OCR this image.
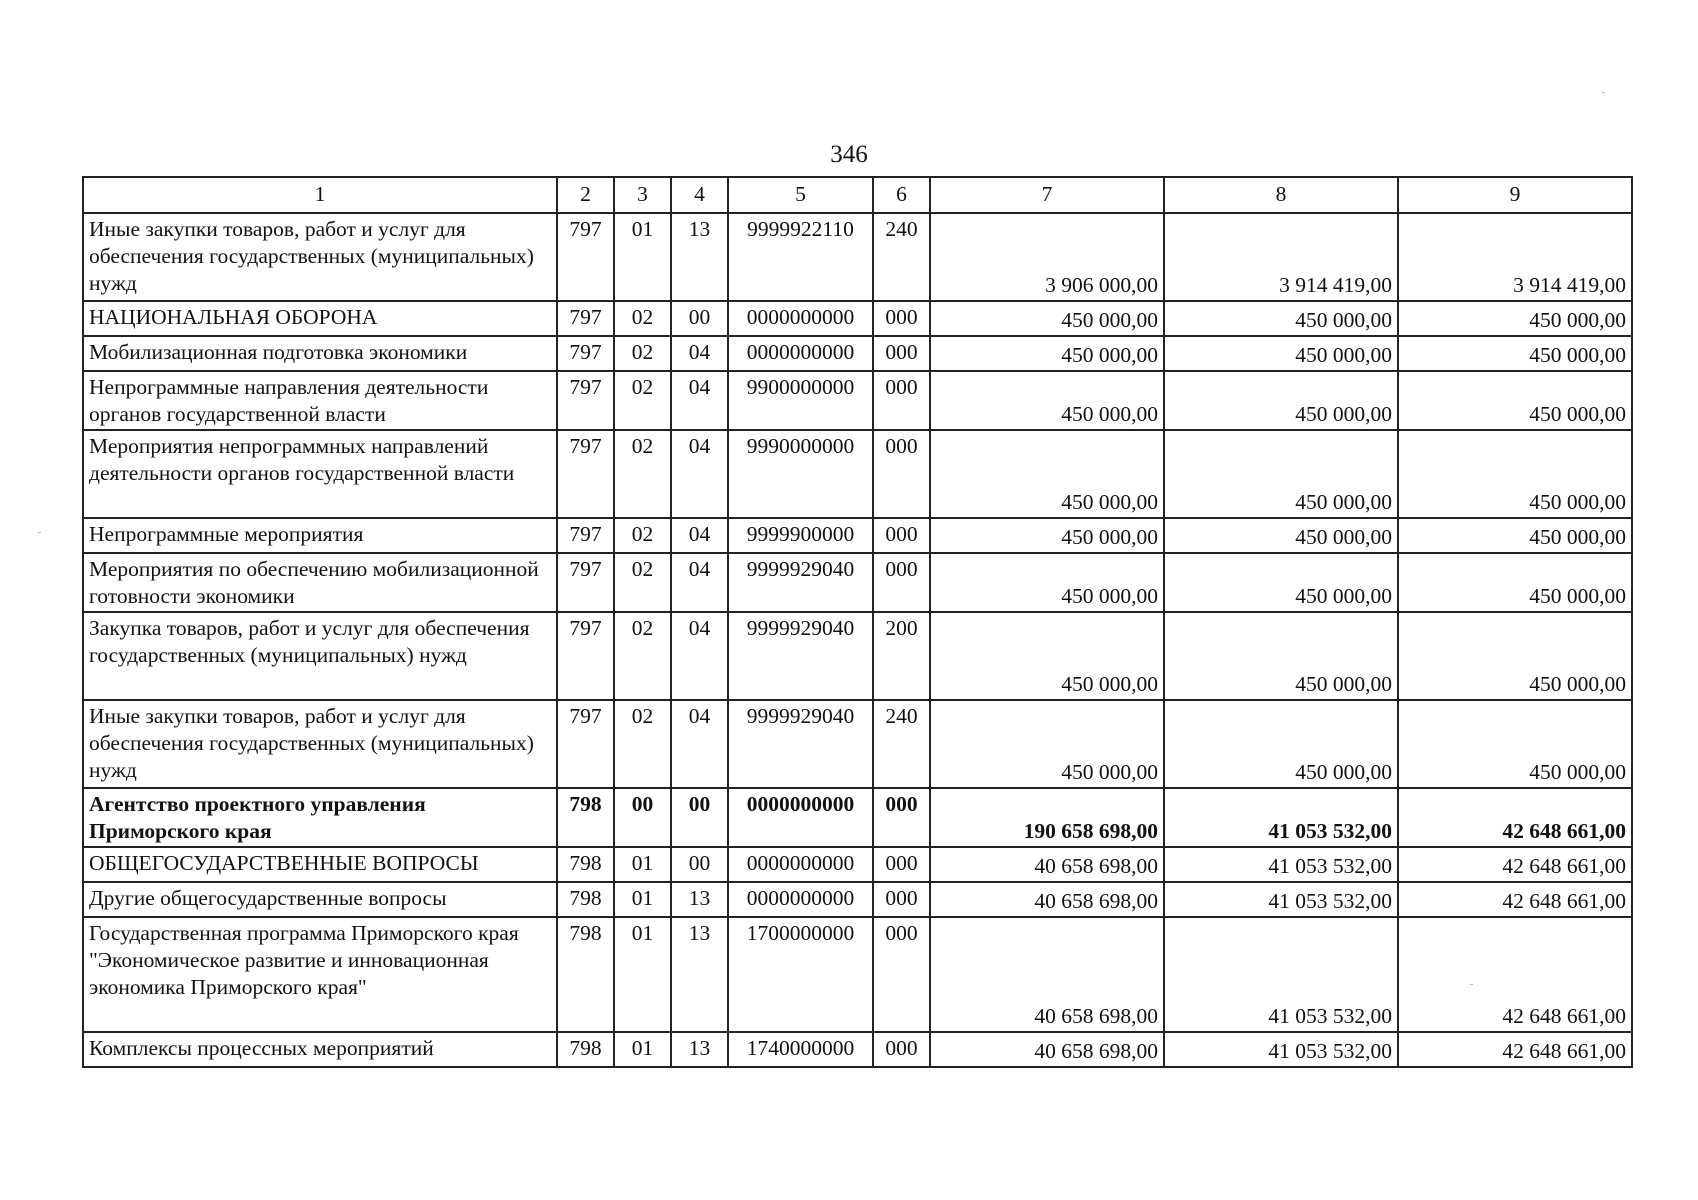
346
1	2	3	4	5	6	7	8	9
Иные закупки товаров, работ и услуг для обеспечения государственных (муниципальных) нужд	797	01	13	9999922110	240	3 906 000,00	3 914 419,00	3 914 419,00
НАЦИОНАЛЬНАЯ ОБОРОНА	797	02	00	0000000000	000	450 000,00	450 000,00	450 000,00
Мобилизационная подготовка экономики	797	02	04	0000000000	000	450 000,00	450 000,00	450 000,00
Непрограммные направления деятельности органов государственной власти	797	02	04	9900000000	000	450 000,00	450 000,00	450 000,00
Мероприятия непрограммных направлений деятельности органов государственной власти	797	02	04	9990000000	000	450 000,00	450 000,00	450 000,00
Непрограммные мероприятия	797	02	04	9999900000	000	450 000,00	450 000,00	450 000,00
Мероприятия по обеспечению мобилизационной готовности экономики	797	02	04	9999929040	000	450 000,00	450 000,00	450 000,00
Закупка товаров, работ и услуг для обеспечения государственных (муниципальных) нужд	797	02	04	9999929040	200	450 000,00	450 000,00	450 000,00
Иные закупки товаров, работ и услуг для обеспечения государственных (муниципальных) нужд	797	02	04	9999929040	240	450 000,00	450 000,00	450 000,00
Агентство проектного управления Приморского края	798	00	00	0000000000	000	190 658 698,00	41 053 532,00	42 648 661,00
ОБЩЕГОСУДАРСТВЕННЫЕ ВОПРОСЫ	798	01	00	0000000000	000	40 658 698,00	41 053 532,00	42 648 661,00
Другие общегосударственные вопросы	798	01	13	0000000000	000	40 658 698,00	41 053 532,00	42 648 661,00
Государственная программа Приморского края "Экономическое развитие и инновационная экономика Приморского края"	798	01	13	1700000000	000	40 658 698,00	41 053 532,00	42 648 661,00
Комплексы процессных мероприятий	798	01	13	1740000000	000	40 658 698,00	41 053 532,00	42 648 661,00
